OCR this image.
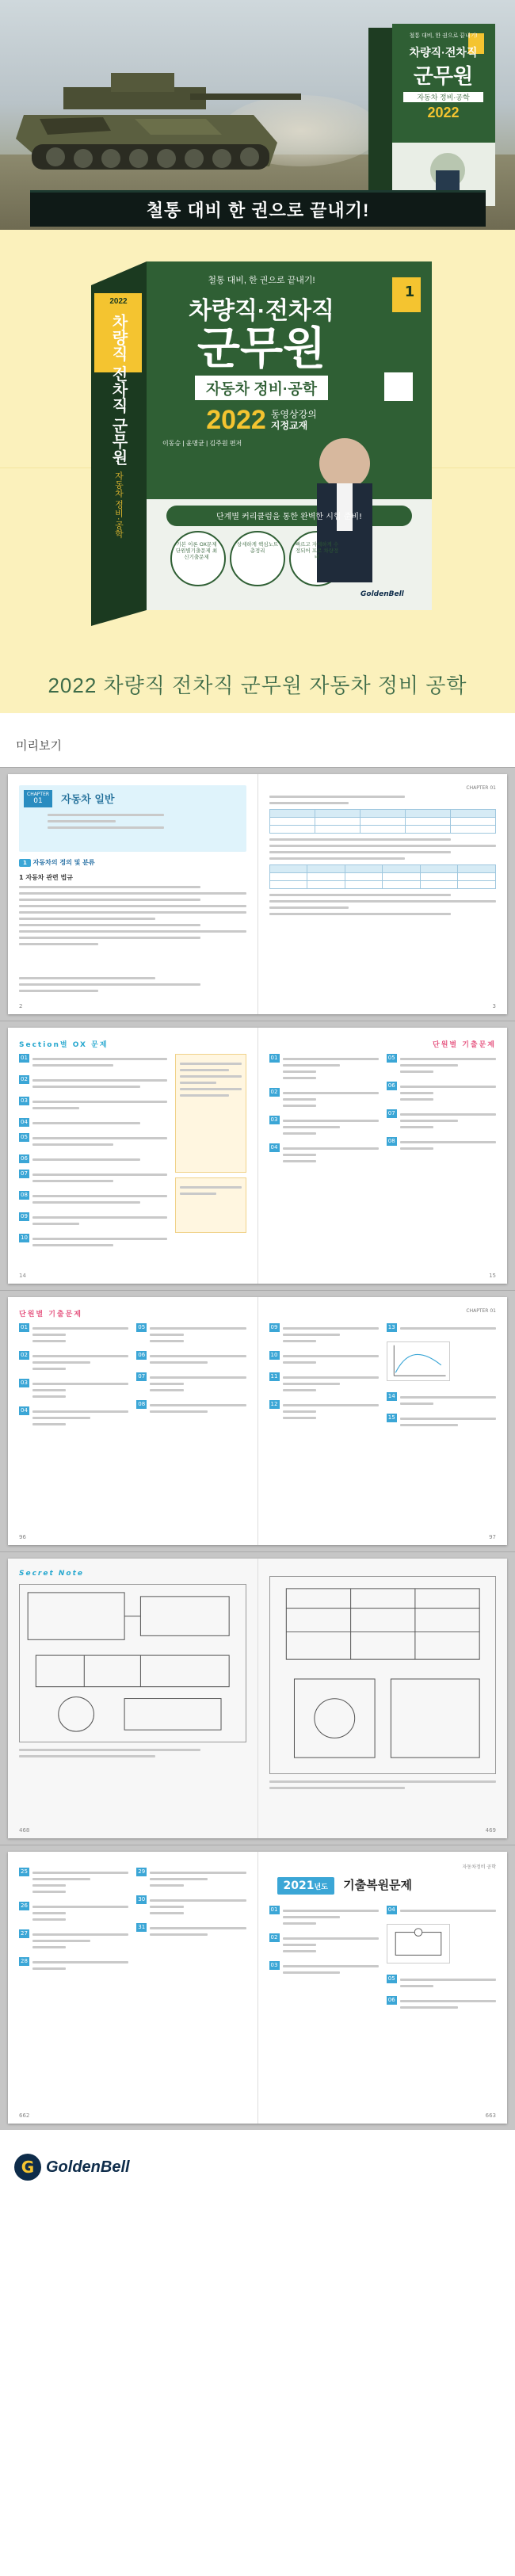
철통 대비, 한 권으로 끝내기!
차량직·전차직
군무원
자동차 정비·공학
2022
철통 대비 한 권으로 끝내기!
2022
차량직 전차직 군무원
자동차 정비·공학
철통 대비, 한 권으로 끝내기!
차량직·전차직
군무원
자동차 정비·공학
2022 동영상강의
지정교재
이동승 | 윤명균 | 김주원 편저
1
단계별 커리큘럼을 통한 완벽한 시험 준비!
기본 이론 OX문제 단원별기출문제 최신기출문제
상세하게 핵심노트 총정리
빠르고 자세하게 수정되어 프로 차량정비
GoldenBell
2022 차량직 전차직 군무원 자동차 정비 공학
미리보기
CHAPTER
01 자동차 일반
1 자동차의 정의 및 분류
1 자동차 관련 법규
2
CHAPTER 01

3
Section별 OX 문제
01
02
03
04
05
06
07
08
09
10
14
단원별 기출문제
01
02
03
04
05
06
07
08
15
단원별 기출문제
01
02
03
04
05
06
07
08
96
CHAPTER 01
09
10
11
12
13
14
15
97
Secret Note
468	469
25
26
27
28
29
30
31
662
자동차정비 공학
2021년도 기출복원문제
01
02
03
04
05
06
663
G GoldenBell
